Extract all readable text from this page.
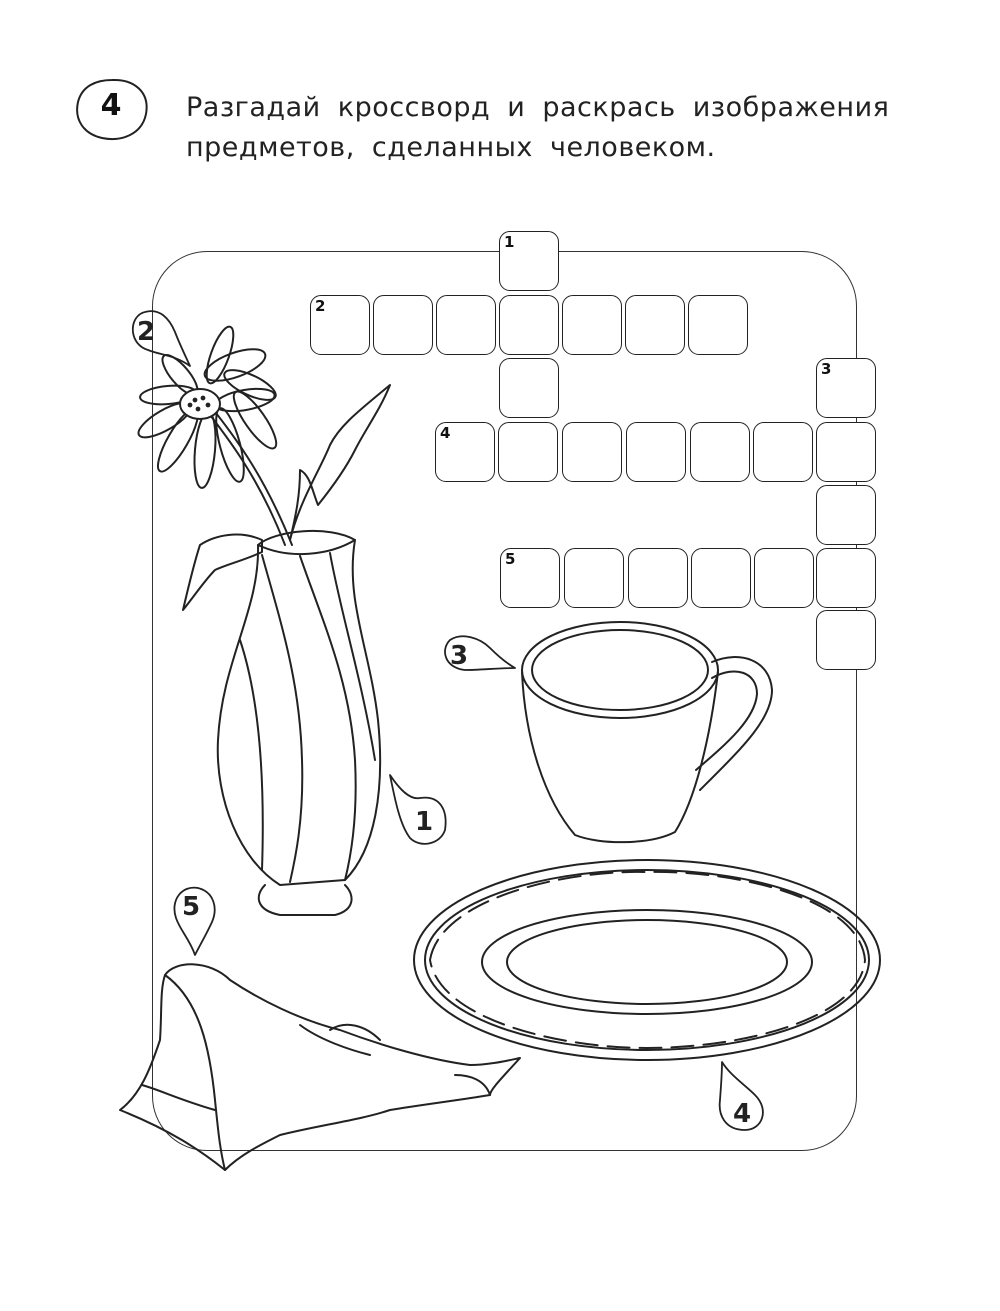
4	Разгадай кроссворд и раскрась изображения
предметов, сделанных человеком.
1
2
3
4
5
1
2
3
4
5
